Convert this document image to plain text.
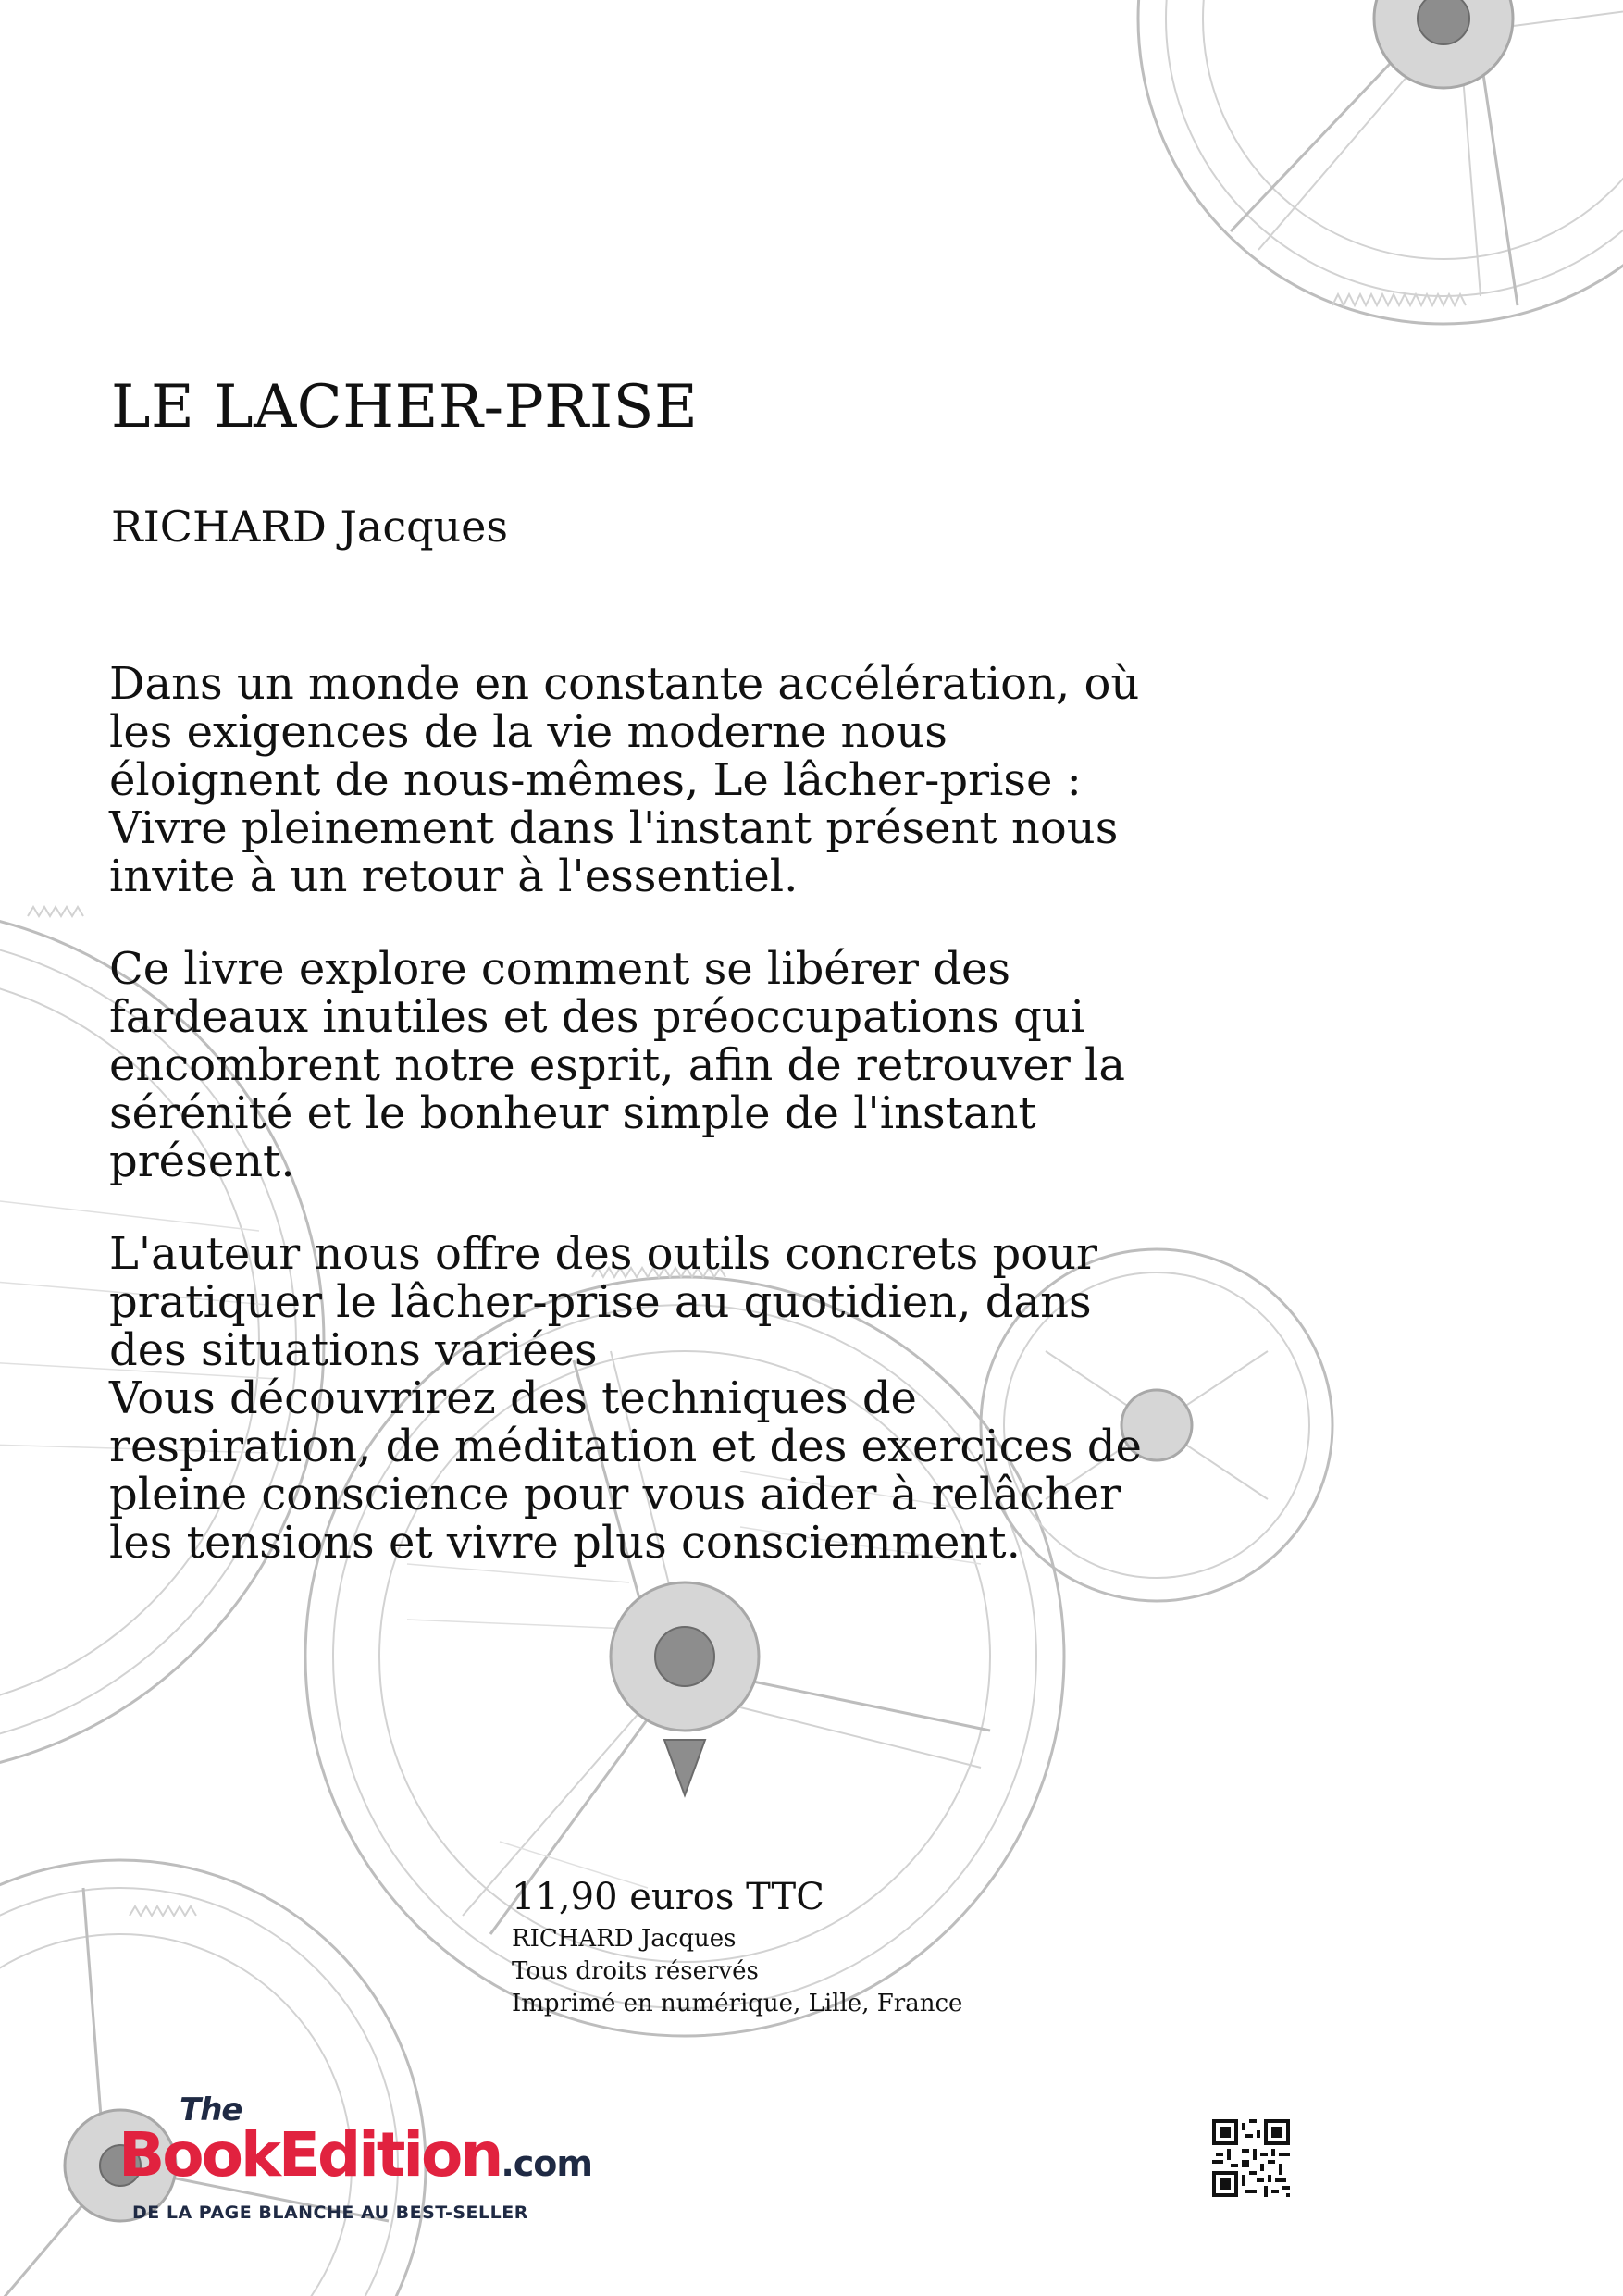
LE LACHER-PRISE

RICHARD Jacques

Dans un monde en constante accélération, où
les exigences de la vie moderne nous
éloignent de nous-mêmes, Le lâcher-prise :
Vivre pleinement dans l'instant présent nous
invite à un retour à l'essentiel.

Ce livre explore comment se libérer des
fardeaux inutiles et des préoccupations qui
encombrent notre esprit, afin de retrouver la
sérénité et le bonheur simple de l'instant
présent.

L'auteur nous offre des outils concrets pour
pratiquer le lâcher-prise au quotidien, dans
des situations variées
Vous découvrirez des techniques de
respiration, de méditation et des exercices de
pleine conscience pour vous aider à relâcher
les tensions et vivre plus consciemment.

11,90 euros TTC

RICHARD Jacques

Tous droits réservés

Imprimé en numérique, Lille, France

The
BookEdition.com
DE LA PAGE BLANCHE AU BEST-SELLER
